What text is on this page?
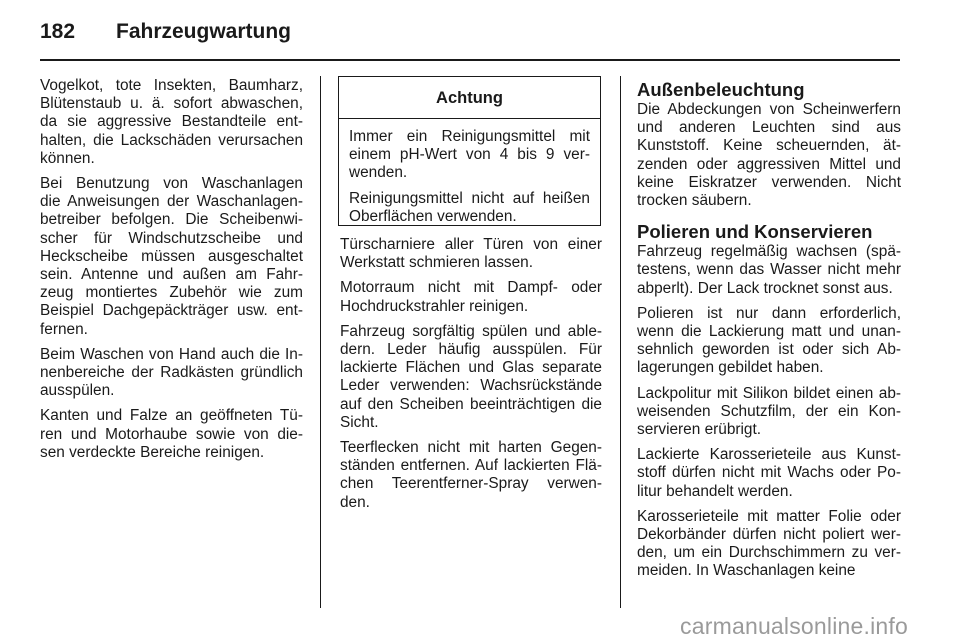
182	Fahrzeugwartung
Vogelkot, tote Insekten, Baumharz,
Blütenstaub u. ä. sofort abwaschen,
da sie aggressive Bestandteile ent-
halten, die Lackschäden verursachen
können.
Bei Benutzung von Waschanlagen
die Anweisungen der Waschanlagen-
betreiber befolgen. Die Scheibenwi-
scher für Windschutzscheibe und
Heckscheibe müssen ausgeschaltet
sein. Antenne und außen am Fahr-
zeug montiertes Zubehör wie zum
Beispiel Dachgepäckträger usw. ent-
fernen.
Beim Waschen von Hand auch die In-
nenbereiche der Radkästen gründlich
ausspülen.
Kanten und Falze an geöffneten Tü-
ren und Motorhaube sowie von die-
sen verdeckte Bereiche reinigen.
Achtung
Immer ein Reinigungsmittel mit
einem pH-Wert von 4 bis 9 ver-
wenden.
Reinigungsmittel nicht auf heißen
Oberflächen verwenden.
Türscharniere aller Türen von einer
Werkstatt schmieren lassen.
Motorraum nicht mit Dampf- oder
Hochdruckstrahler reinigen.
Fahrzeug sorgfältig spülen und able-
dern. Leder häufig ausspülen. Für
lackierte Flächen und Glas separate
Leder verwenden: Wachsrückstände
auf den Scheiben beeinträchtigen die
Sicht.
Teerflecken nicht mit harten Gegen-
ständen entfernen. Auf lackierten Flä-
chen Teerentferner-Spray verwen-
den.
Außenbeleuchtung
Die Abdeckungen von Scheinwerfern
und anderen Leuchten sind aus
Kunststoff. Keine scheuernden, ät-
zenden oder aggressiven Mittel und
keine Eiskratzer verwenden. Nicht
trocken säubern.
Polieren und Konservieren
Fahrzeug regelmäßig wachsen (spä-
testens, wenn das Wasser nicht mehr
abperlt). Der Lack trocknet sonst aus.
Polieren ist nur dann erforderlich,
wenn die Lackierung matt und unan-
sehnlich geworden ist oder sich Ab-
lagerungen gebildet haben.
Lackpolitur mit Silikon bildet einen ab-
weisenden Schutzfilm, der ein Kon-
servieren erübrigt.
Lackierte Karosserieteile aus Kunst-
stoff dürfen nicht mit Wachs oder Po-
litur behandelt werden.
Karosserieteile mit matter Folie oder
Dekorbänder dürfen nicht poliert wer-
den, um ein Durchschimmern zu ver-
meiden. In Waschanlagen keine
carmanualsonline.info
